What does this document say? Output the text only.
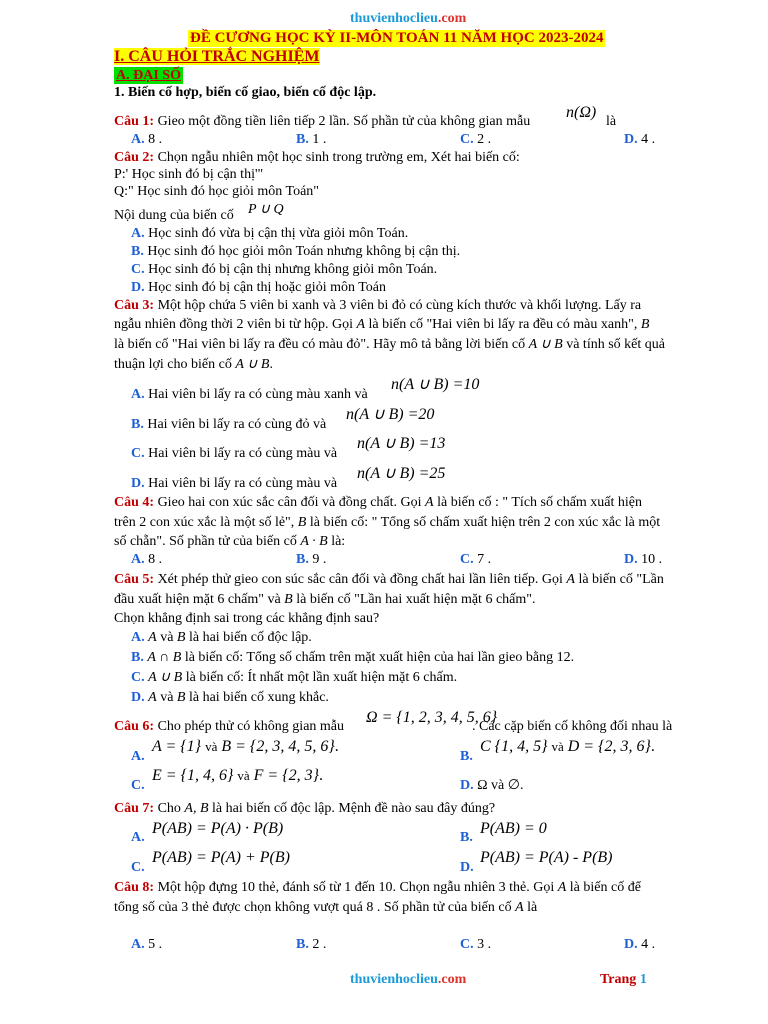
thuvienhoclieu.com
ĐỀ CƯƠNG HỌC KỲ II-MÔN TOÁN 11 NĂM HỌC 2023-2024
I. CÂU HỎI TRẮC NGHIỆM
A. ĐẠI SỐ
1. Biến cố hợp, biến cố giao, biến cố độc lập.
Câu 1: Gieo một đồng tiền liên tiếp 2 lần. Số phần tử của không gian mẫu
n(Ω)
là
A. 8 .	B. 1 .	C. 2 .	D. 4 .
Câu 2: Chọn ngẫu nhiên một học sinh trong trường em, Xét hai biến cố:
P:' Học sinh đó bị cận thị'"
Q:" Học sinh đó học giỏi môn Toán"
Nội dung của biến cố P ∪ Q
A. Học sinh đó vừa bị cận thị vừa giỏi môn Toán.
B. Học sinh đó học giỏi môn Toán nhưng không bị cận thị.
C. Học sinh đó bị cận thị nhưng không giỏi môn Toán.
D. Học sinh đó bị cận thị hoặc giỏi môn Toán
Câu 3: Một hộp chứa 5 viên bi xanh và 3 viên bi đỏ có cùng kích thước và khối lượng. Lấy ra
ngẫu nhiên đồng thời 2 viên bi từ hộp. Gọi A là biến cố "Hai viên bi lấy ra đều có màu xanh", B
là biến cố "Hai viên bi lấy ra đều có màu đỏ". Hãy mô tả bằng lời biến cố A ∪ B và tính số kết quả
thuận lợi cho biến cố A ∪ B.
A. Hai viên bi lấy ra có cùng màu xanh và
n(A ∪ B) =10
B. Hai viên bi lấy ra có cùng đỏ và
n(A ∪ B) =20
C. Hai viên bi lấy ra có cùng màu và
n(A ∪ B) =13
D. Hai viên bi lấy ra có cùng màu và
n(A ∪ B) =25
Câu 4: Gieo hai con xúc sắc cân đối và đồng chất. Gọi A là biến cố : " Tích số chấm xuất hiện
trên 2 con xúc xắc là một số lẻ", B là biến cố: " Tổng số chấm xuất hiện trên 2 con xúc xắc là một
số chẵn". Số phần tử của biến cố A · B là:
A. 8 .	B. 9 .	C. 7 .	D. 10 .
Câu 5: Xét phép thử gieo con súc sắc cân đối và đồng chất hai lần liên tiếp. Gọi A là biến cố "Lần
đầu xuất hiện mặt 6 chấm" và B là biến cố "Lần hai xuất hiện mặt 6 chấm".
Chọn khẳng định sai trong các khẳng định sau?
A. A và B là hai biến cố độc lập.
B. A ∩ B là biến cố: Tổng số chấm trên mặt xuất hiện của hai lần gieo bằng 12.
C. A ∪ B là biến cố: Ít nhất một lần xuất hiện mặt 6 chấm.
D. A và B là hai biến cố xung khắc.
Câu 6: Cho phép thử có không gian mẫu
Ω = {1, 2, 3, 4, 5, 6}
. Các cặp biến cố không đối nhau là
A.
A = {1} và B = {2, 3, 4, 5, 6}.
B.
C {1, 4, 5} và D = {2, 3, 6}.
C.
E = {1, 4, 6} và F = {2, 3}.
D. Ω và ∅.
Câu 7: Cho A, B là hai biến cố độc lập. Mệnh đề nào sau đây đúng?
A.
P(AB) = P(A) · P(B)
B.
P(AB) = 0
C.
P(AB) = P(A) + P(B)
D.
P(AB) = P(A) - P(B)
Câu 8: Một hộp đựng 10 thẻ, đánh số từ 1 đến 10. Chọn ngẫu nhiên 3 thẻ. Gọi A là biến cố để
tổng số của 3 thẻ được chọn không vượt quá 8 . Số phần tử của biến cố A là
A. 5 .	B. 2 .	C. 3 .	D. 4 .
thuvienhoclieu.com	Trang 1
